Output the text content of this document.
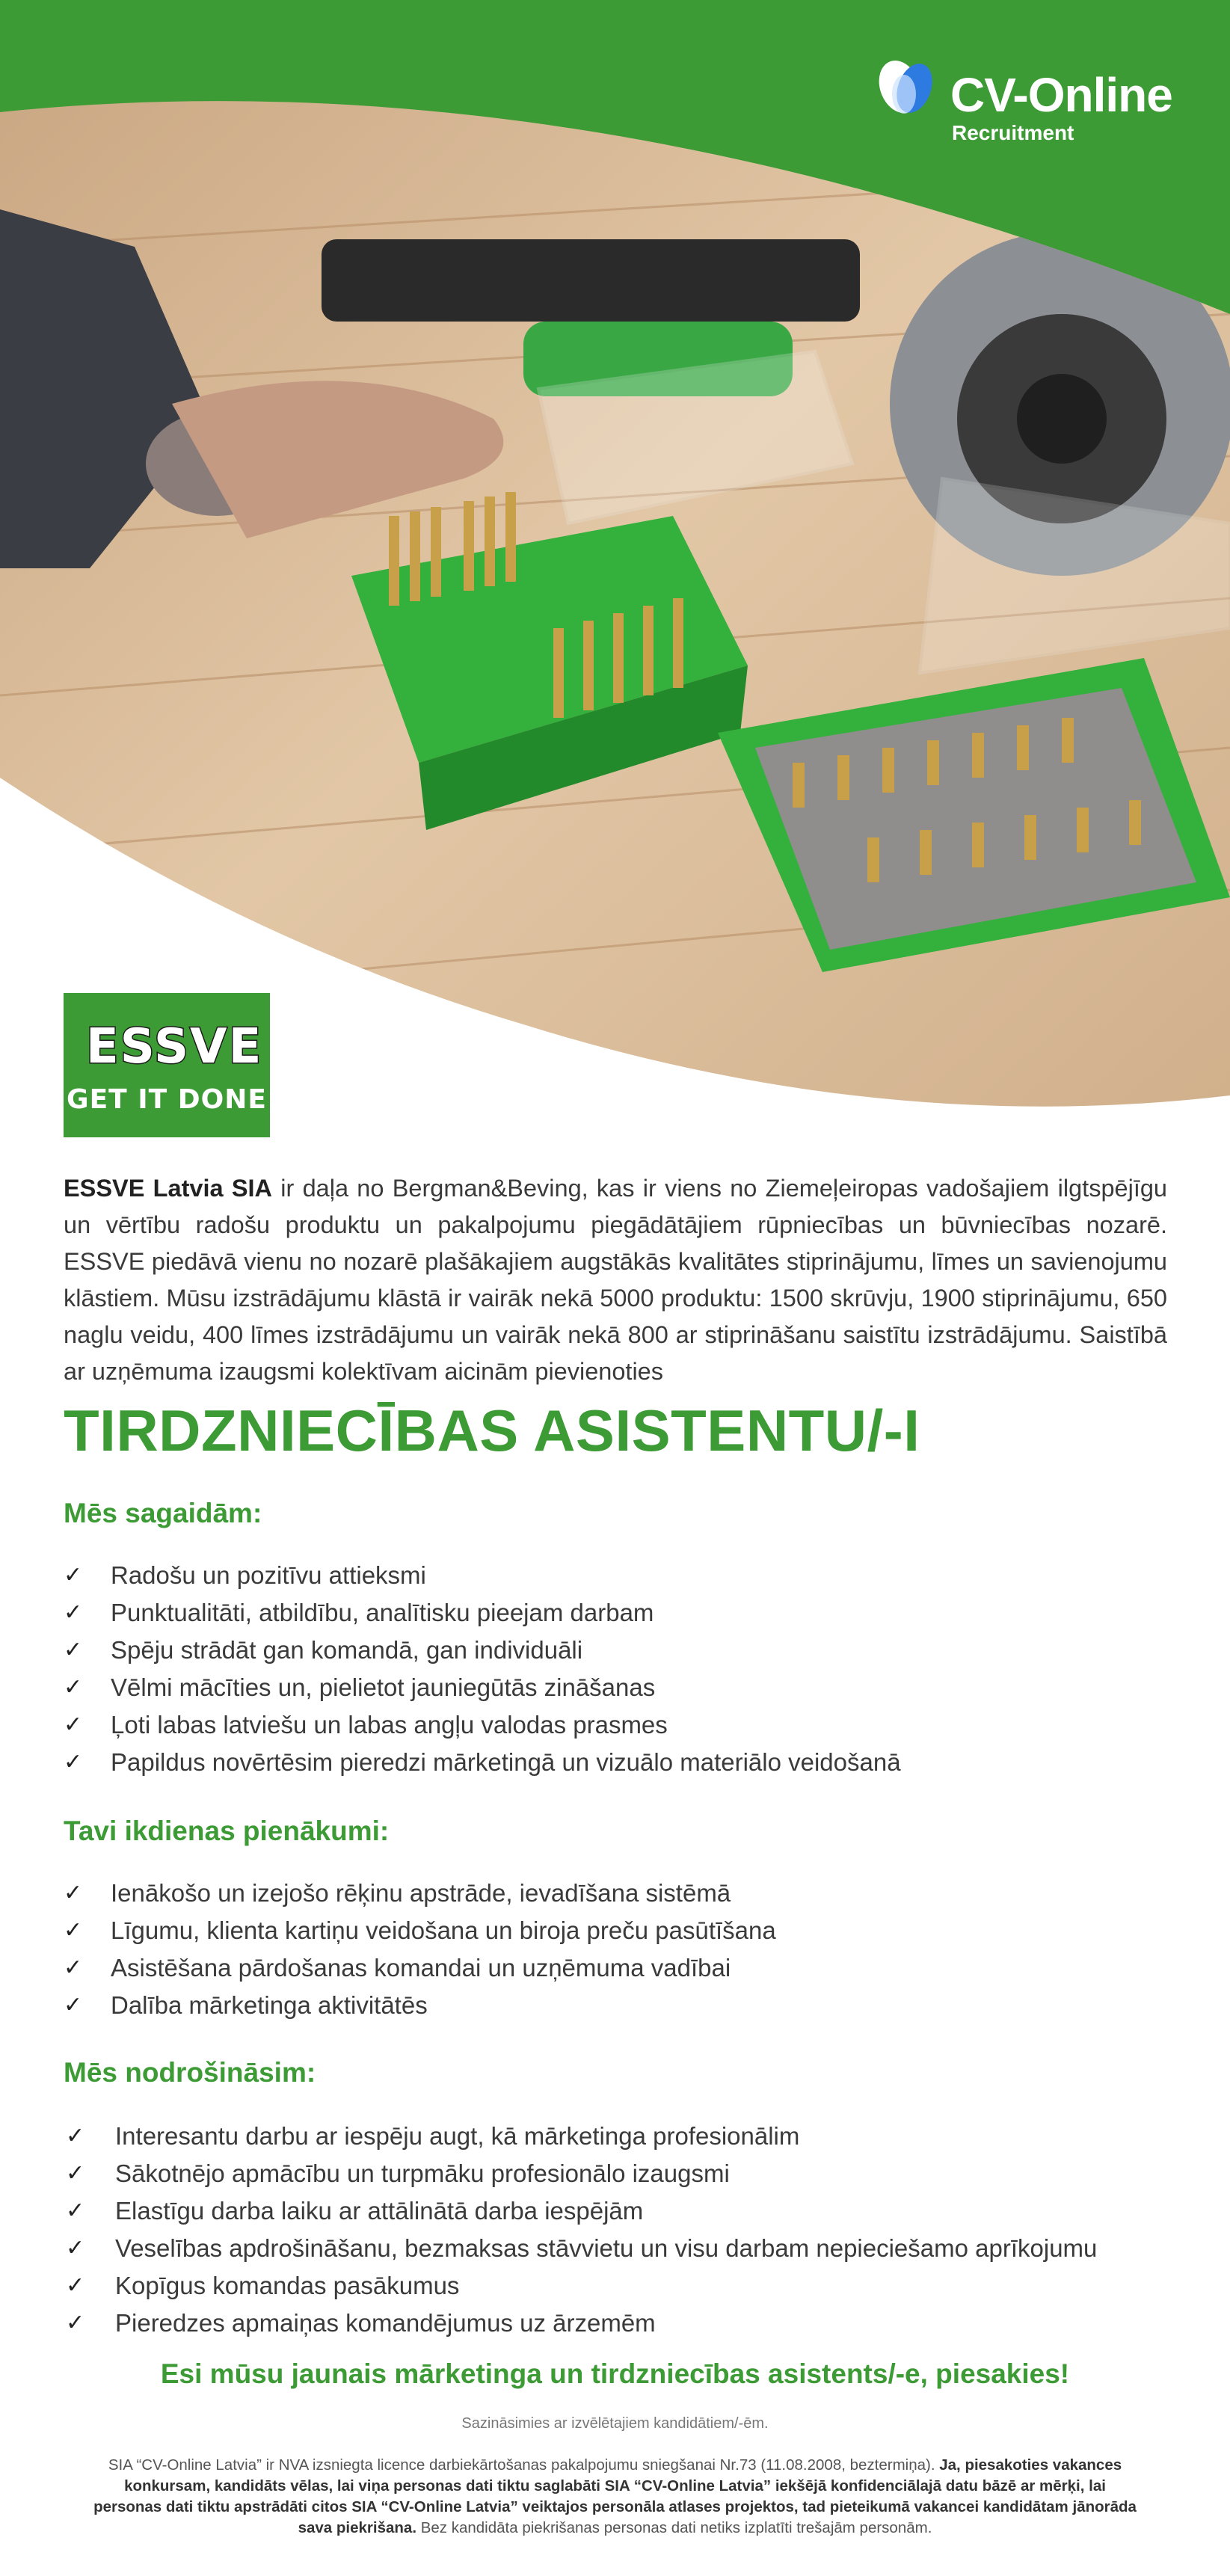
CV-Online
Recruitment
ESSVE
GET IT DONE
ESSVE Latvia SIA ir daļa no Bergman&Beving, kas ir viens no Ziemeļeiropas vadošajiem ilgtspējīgu un vērtību radošu produktu un pakalpojumu piegādātājiem rūpniecības un būvniecības nozarē. ESSVE piedāvā vienu no nozarē plašākajiem augstākās kvalitātes stiprinājumu, līmes un savienojumu klāstiem. Mūsu izstrādājumu klāstā ir vairāk nekā 5000 produktu: 1500 skrūvju, 1900 stiprinājumu, 650 naglu veidu, 400 līmes izstrādājumu un vairāk nekā 800 ar stiprināšanu saistītu izstrādājumu. Saistībā ar uzņēmuma izaugsmi kolektīvam aicinām pievienoties
TIRDZNIECĪBAS ASISTENTU/-I
Mēs sagaidām:
✓	Radošu un pozitīvu attieksmi
✓	Punktualitāti, atbildību, analītisku pieejam darbam
✓	Spēju strādāt gan komandā, gan individuāli
✓	Vēlmi mācīties un, pielietot jauniegūtās zināšanas
✓	Ļoti labas latviešu un labas angļu valodas prasmes
✓	Papildus novērtēsim pieredzi mārketingā un vizuālo materiālo veidošanā
Tavi ikdienas pienākumi:
✓	Ienākošo un izejošo rēķinu apstrāde, ievadīšana sistēmā
✓	Līgumu, klienta kartiņu veidošana un biroja preču pasūtīšana
✓	Asistēšana pārdošanas komandai un uzņēmuma vadībai
✓	Dalība mārketinga aktivitātēs
Mēs nodrošināsim:
✓	Interesantu darbu ar iespēju augt, kā mārketinga profesionālim
✓	Sākotnējo apmācību un turpmāku profesionālo izaugsmi
✓	Elastīgu darba laiku ar attālinātā darba iespējām
✓	Veselības apdrošināšanu, bezmaksas stāvvietu un visu darbam nepieciešamo aprīkojumu
✓	Kopīgus komandas pasākumus
✓	Pieredzes apmaiņas komandējumus uz ārzemēm
Esi mūsu jaunais mārketinga un tirdzniecības asistents/-e, piesakies!
Sazināsimies ar izvēlētajiem kandidātiem/-ēm.
SIA “CV-Online Latvia” ir NVA izsniegta licence darbiekārtošanas pakalpojumu sniegšanai Nr.73 (11.08.2008, beztermiņa). Ja, piesakoties vakances konkursam, kandidāts vēlas, lai viņa personas dati tiktu saglabāti SIA “CV-Online Latvia” iekšējā konfidenciālajā datu bāzē ar mērķi, lai personas dati tiktu apstrādāti citos SIA “CV-Online Latvia” veiktajos personāla atlases projektos, tad pieteikumā vakancei kandidātam jānorāda sava piekrišana. Bez kandidāta piekrišanas personas dati netiks izplatīti trešajām personām.
